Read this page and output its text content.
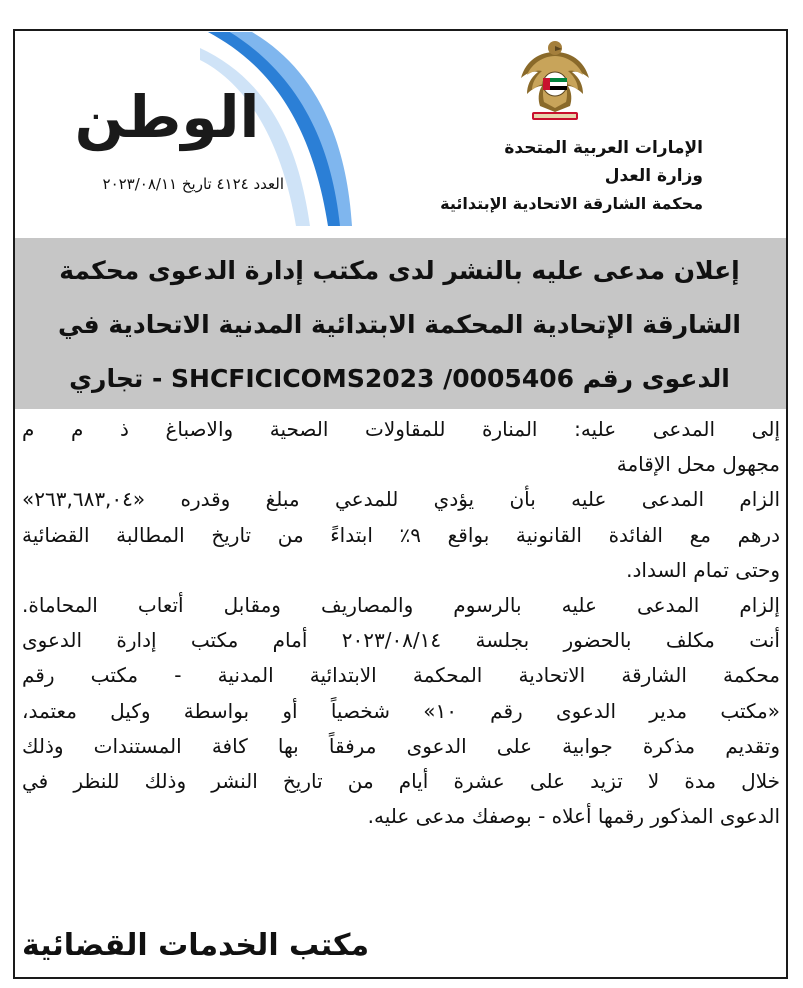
الإمارات العربية المتحدة
وزارة العدل
محكمة الشارقة الاتحادية الإبتدائية
الوطن
العدد ٤١٢٤ تاريخ ٢٠٢٣/٠٨/١١
إعلان مدعى عليه بالنشر لدى مكتب إدارة الدعوى محكمة
الشارقة الإتحادية المحكمة الابتدائية المدنية الاتحادية في
الدعوى رقم SHCFICICOMS2023 /0005406 - تجاري
إلى المدعى عليه: المنارة للمقاولات الصحية والاصباغ ذ م م
مجهول محل الإقامة
الزام المدعى عليه بأن يؤدي للمدعي مبلغ وقدره «٢٦٣,٦٨٣,٠٤»
درهم مع الفائدة القانونية بواقع ٩٪ ابتداءً من تاريخ المطالبة القضائية
وحتى تمام السداد.
إلزام المدعى عليه بالرسوم والمصاريف ومقابل أتعاب المحاماة.
أنت مكلف بالحضور بجلسة ٢٠٢٣/٠٨/١٤ أمام مكتب إدارة الدعوى
محكمة الشارقة الاتحادية المحكمة الابتدائية المدنية - مكتب رقم
«مكتب مدير الدعوى رقم ١٠» شخصياً أو بواسطة وكيل معتمد،
وتقديم مذكرة جوابية على الدعوى مرفقاً بها كافة المستندات وذلك
خلال مدة لا تزيد على عشرة أيام من تاريخ النشر وذلك للنظر في
الدعوى المذكور رقمها أعلاه - بوصفك مدعى عليه.
مكتب الخدمات القضائية
